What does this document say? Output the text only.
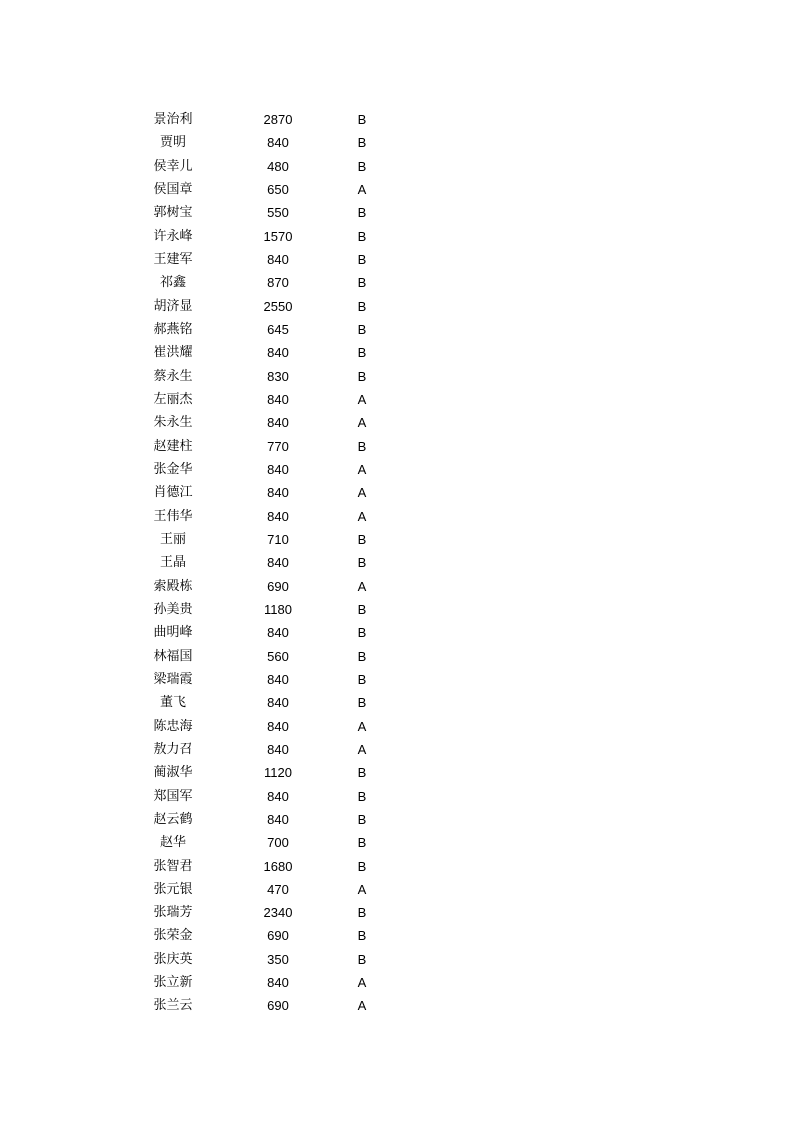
景治利	2870	B
贾明	840	B
侯幸儿	480	B
侯国章	650	A
郭树宝	550	B
许永峰	1570	B
王建军	840	B
祁鑫	870	B
胡济显	2550	B
郝燕铭	645	B
崔洪耀	840	B
蔡永生	830	B
左丽杰	840	A
朱永生	840	A
赵建柱	770	B
张金华	840	A
肖德江	840	A
王伟华	840	A
王丽	710	B
王晶	840	B
索殿栋	690	A
孙美贵	1180	B
曲明峰	840	B
林福国	560	B
梁瑞霞	840	B
董飞	840	B
陈忠海	840	A
敖力召	840	A
蔺淑华	1120	B
郑国军	840	B
赵云鹤	840	B
赵华	700	B
张智君	1680	B
张元银	470	A
张瑞芳	2340	B
张荣金	690	B
张庆英	350	B
张立新	840	A
张兰云	690	A
